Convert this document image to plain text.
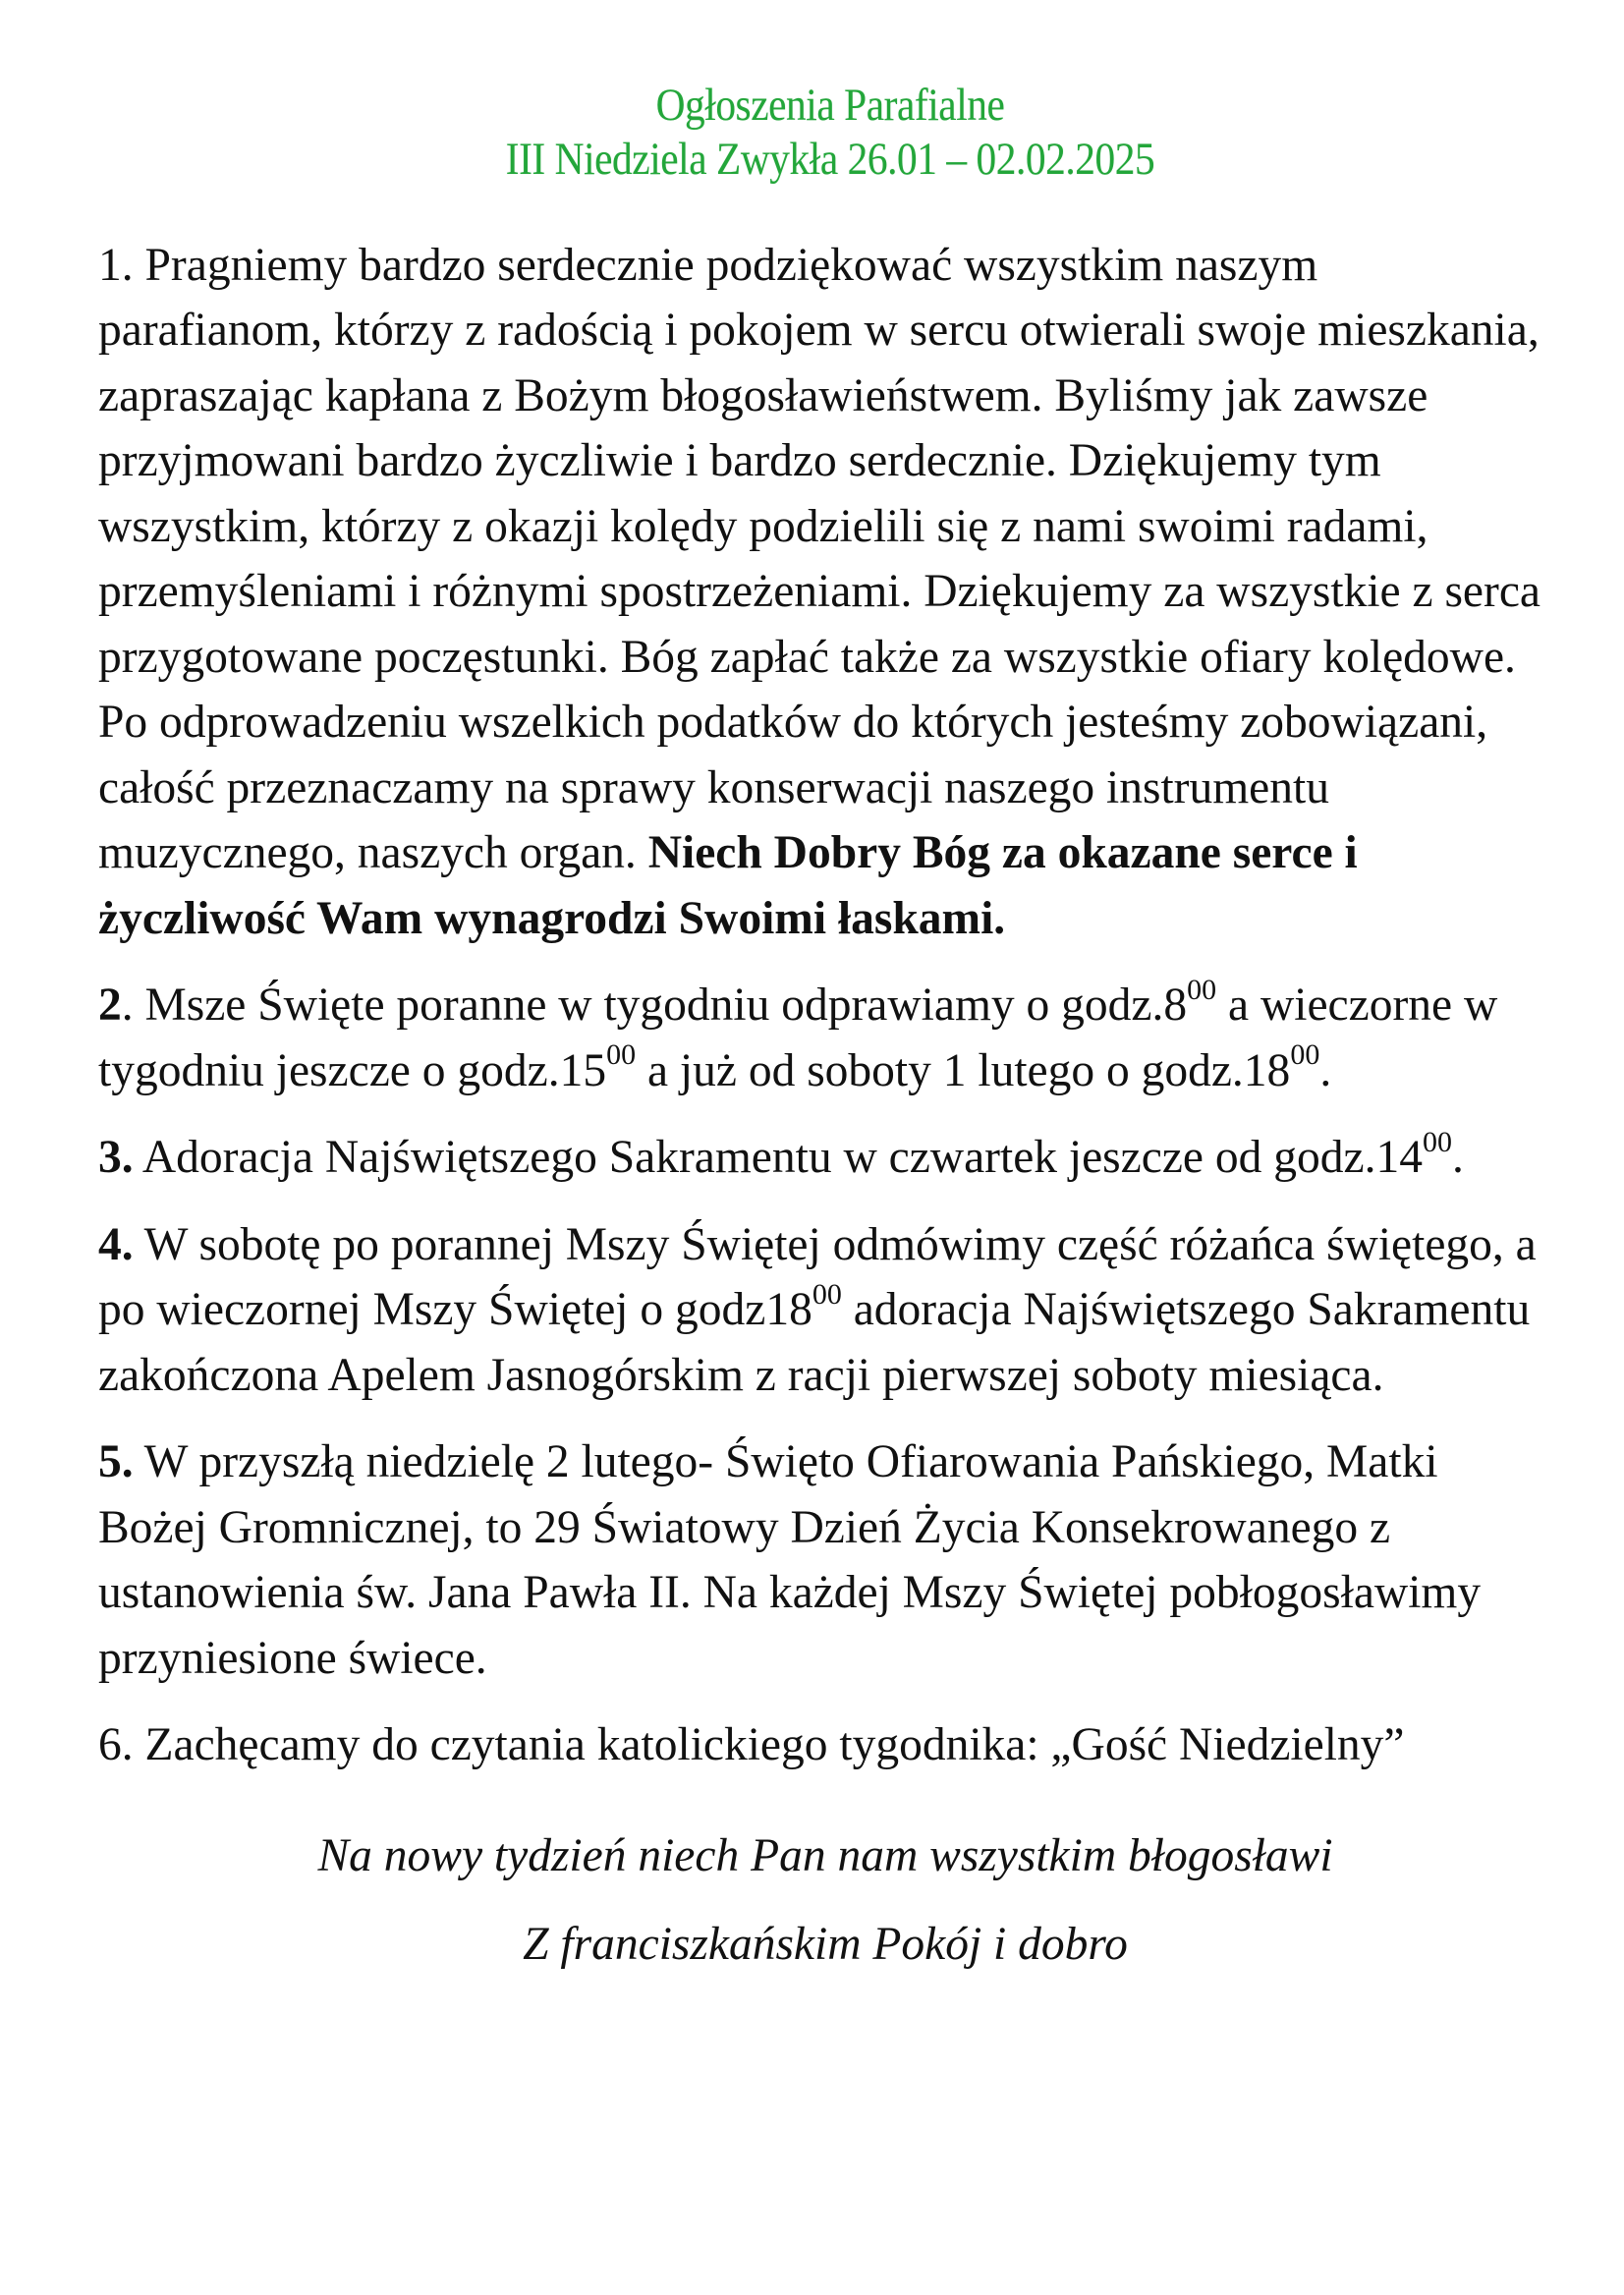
Ogłoszenia Parafialne
III Niedziela Zwykła 26.01 – 02.02.2025

1. Pragniemy bardzo serdecznie podziękować wszystkim naszym parafianom, którzy z radością i pokojem w sercu otwierali swoje mieszkania, zapraszając kapłana z Bożym błogosławieństwem. Byliśmy jak zawsze przyjmowani bardzo życzliwie i bardzo serdecznie. Dziękujemy tym wszystkim, którzy z okazji kolędy podzielili się z nami swoimi radami, przemyśleniami i różnymi spostrzeżeniami. Dziękujemy za wszystkie z serca przygotowane poczęstunki. Bóg zapłać także za wszystkie ofiary kolędowe. Po odprowadzeniu wszelkich podatków do których jesteśmy zobowiązani, całość przeznaczamy na sprawy konserwacji naszego instrumentu muzycznego, naszych organ. Niech Dobry Bóg za okazane serce i życzliwość Wam wynagrodzi Swoimi łaskami.

2. Msze Święte poranne w tygodniu odprawiamy o $godz.8^{00}$ a wieczorne w tygodniu jeszcze o $godz.15^{00}$ a już od soboty 1 lutego o $godz.18^{00}$.

3. Adoracja Najświętszego Sakramentu w czwartek jeszcze od $godz.14^{00}$.

4. W sobotę po porannej Mszy Świętej odmówimy część różańca świętego, a po wieczornej Mszy Świętej o $godz18^{00}$ adoracja Najświętszego Sakramentu zakończona Apelem Jasnogórskim z racji pierwszej soboty miesiąca.

5. W przyszłą niedzielę 2 lutego- Święto Ofiarowania Pańskiego, Matki Bożej Gromnicznej, to 29 Światowy Dzień Życia Konsekrowanego z ustanowienia św. Jana Pawła II. Na każdej Mszy Świętej pobłogosławimy przyniesione świece.

6. Zachęcamy do czytania katolickiego tygodnika: „Gość Niedzielny”

Na nowy tydzień niech Pan nam wszystkim błogosławi
Z franciszkańskim Pokój i dobro
